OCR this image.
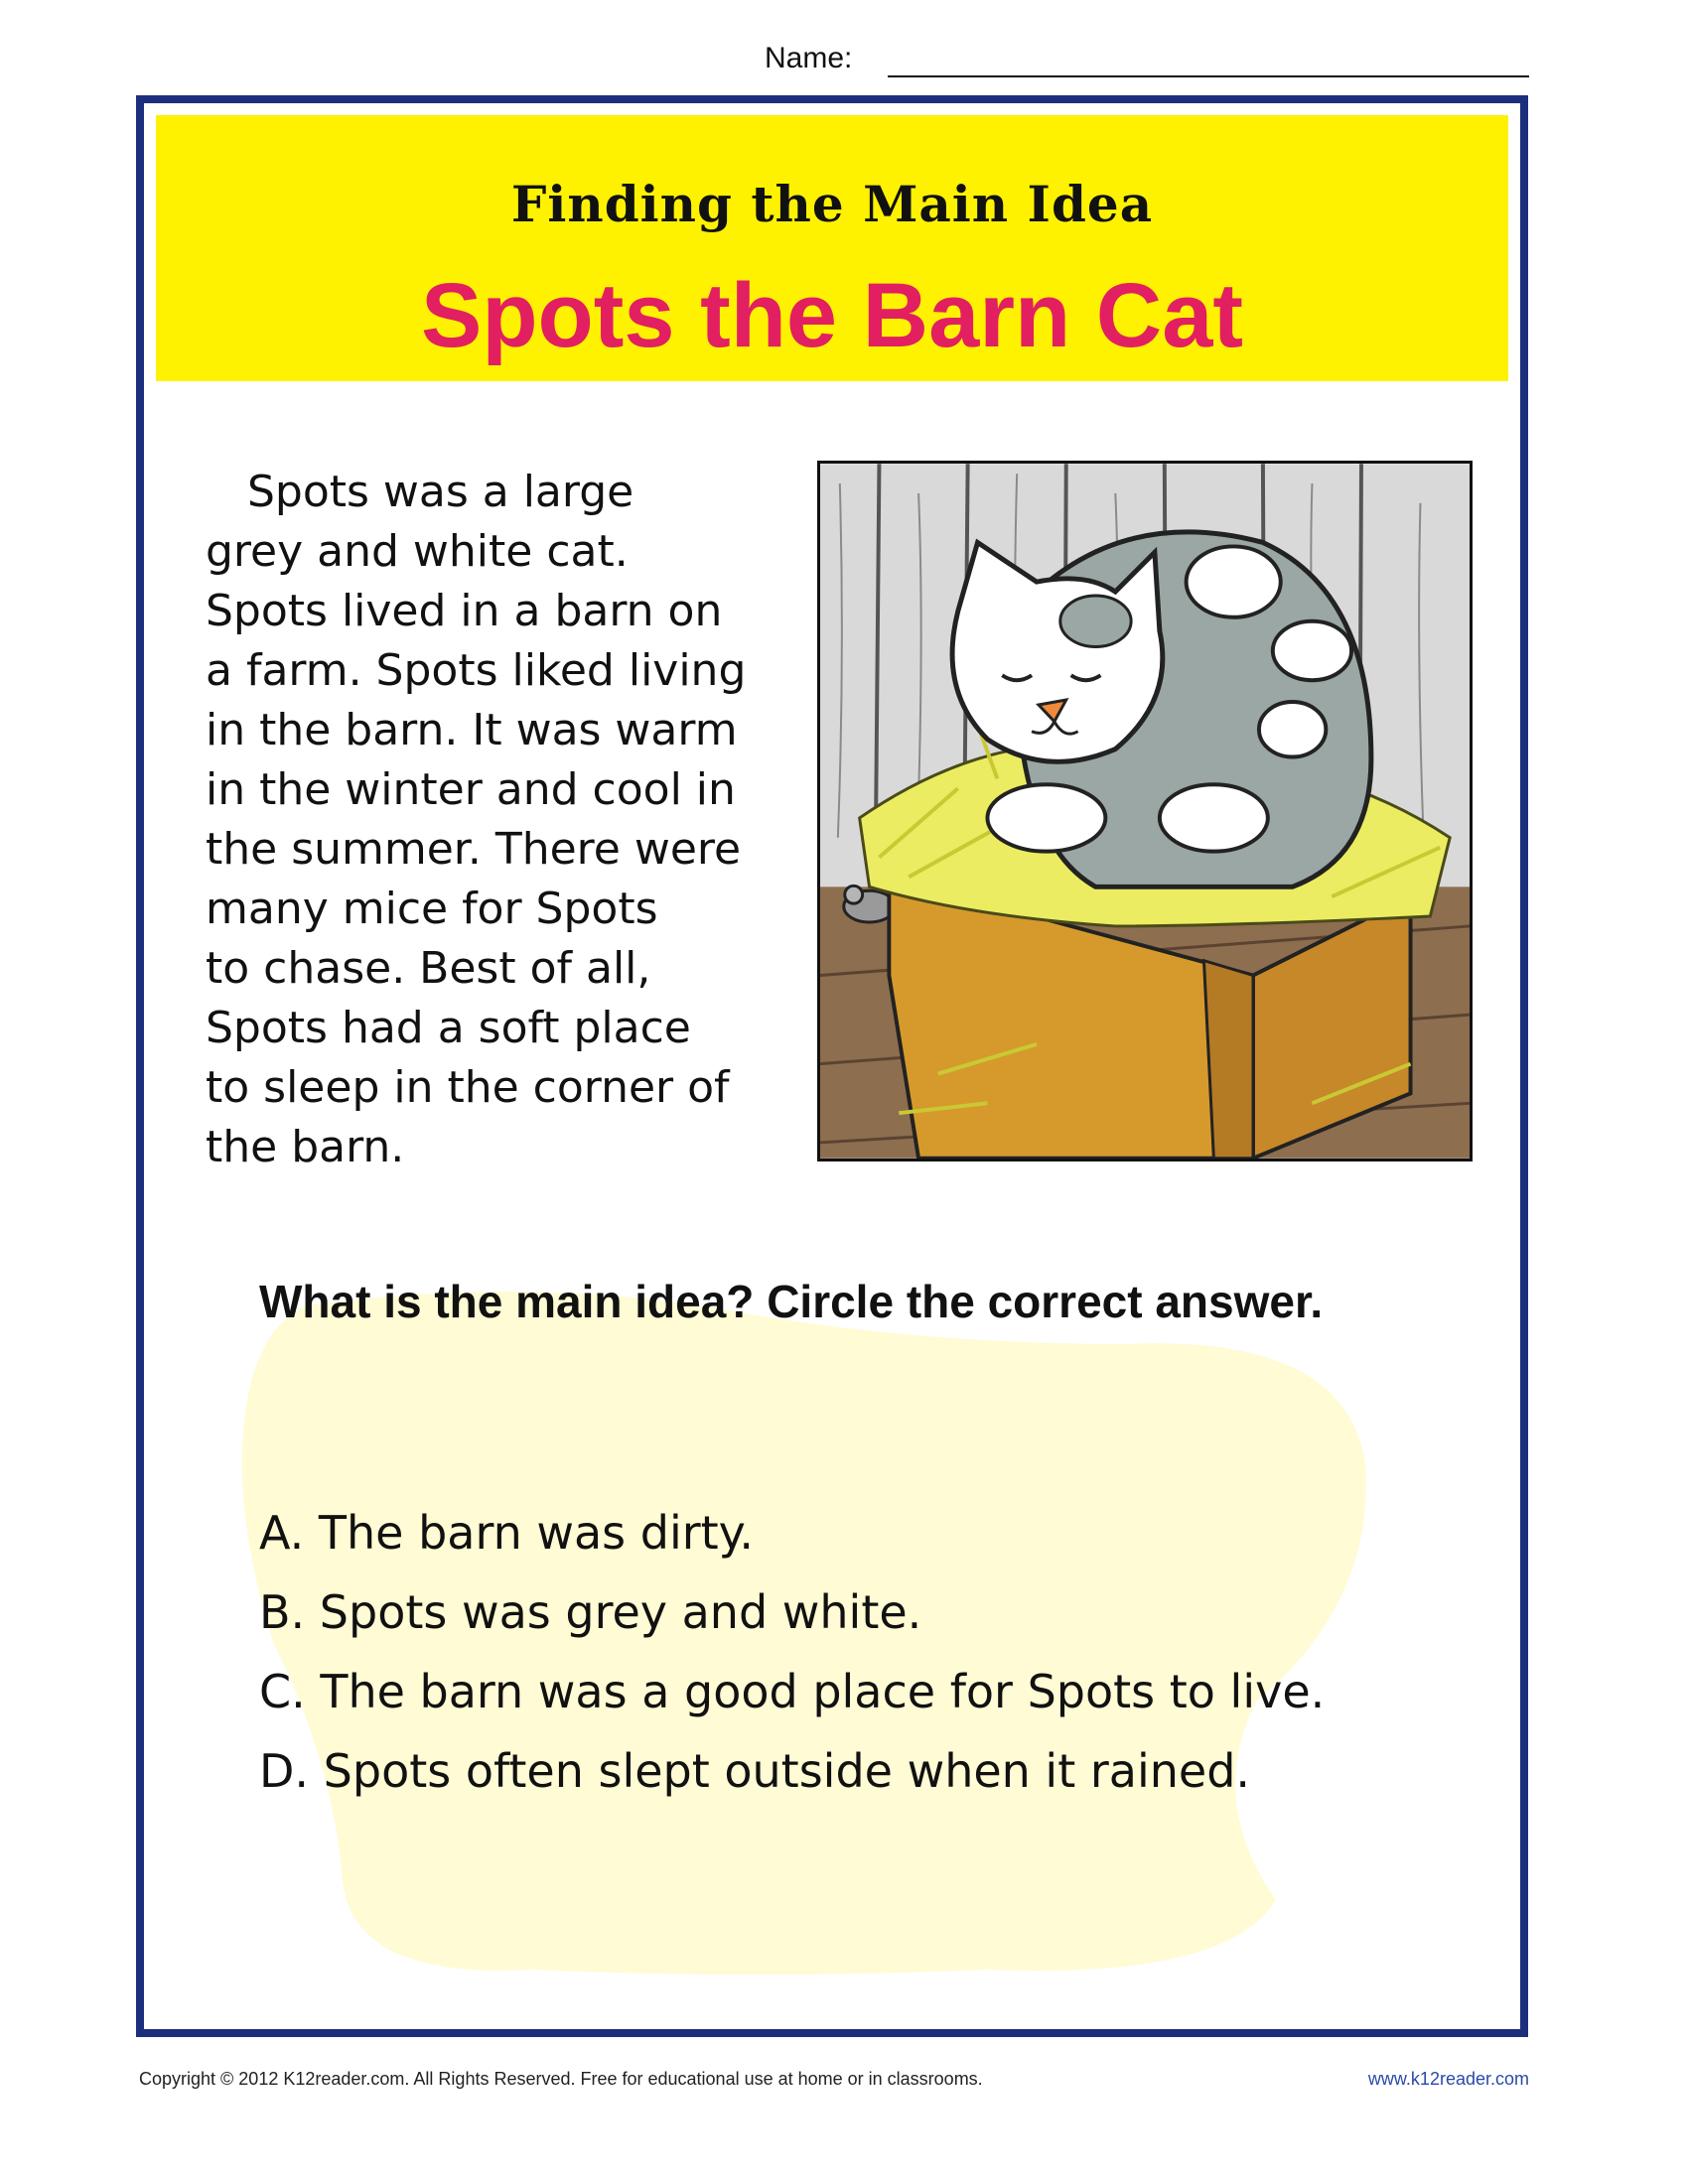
Name:
Finding the Main Idea
Spots the Barn Cat

Spots was a large
grey and white cat.
Spots lived in a barn on
a farm. Spots liked living
in the barn. It was warm
in the winter and cool in
the summer. There were
many mice for Spots
to chase. Best of all,
Spots had a soft place
to sleep in the corner of
the barn.

What is the main idea? Circle the correct answer.
A. The barn was dirty.
B. Spots was grey and white.
C. The barn was a good place for Spots to live.
D. Spots often slept outside when it rained.
Copyright © 2012 K12reader.com. All Rights Reserved. Free for educational use at home or in classrooms.	www.k12reader.com
